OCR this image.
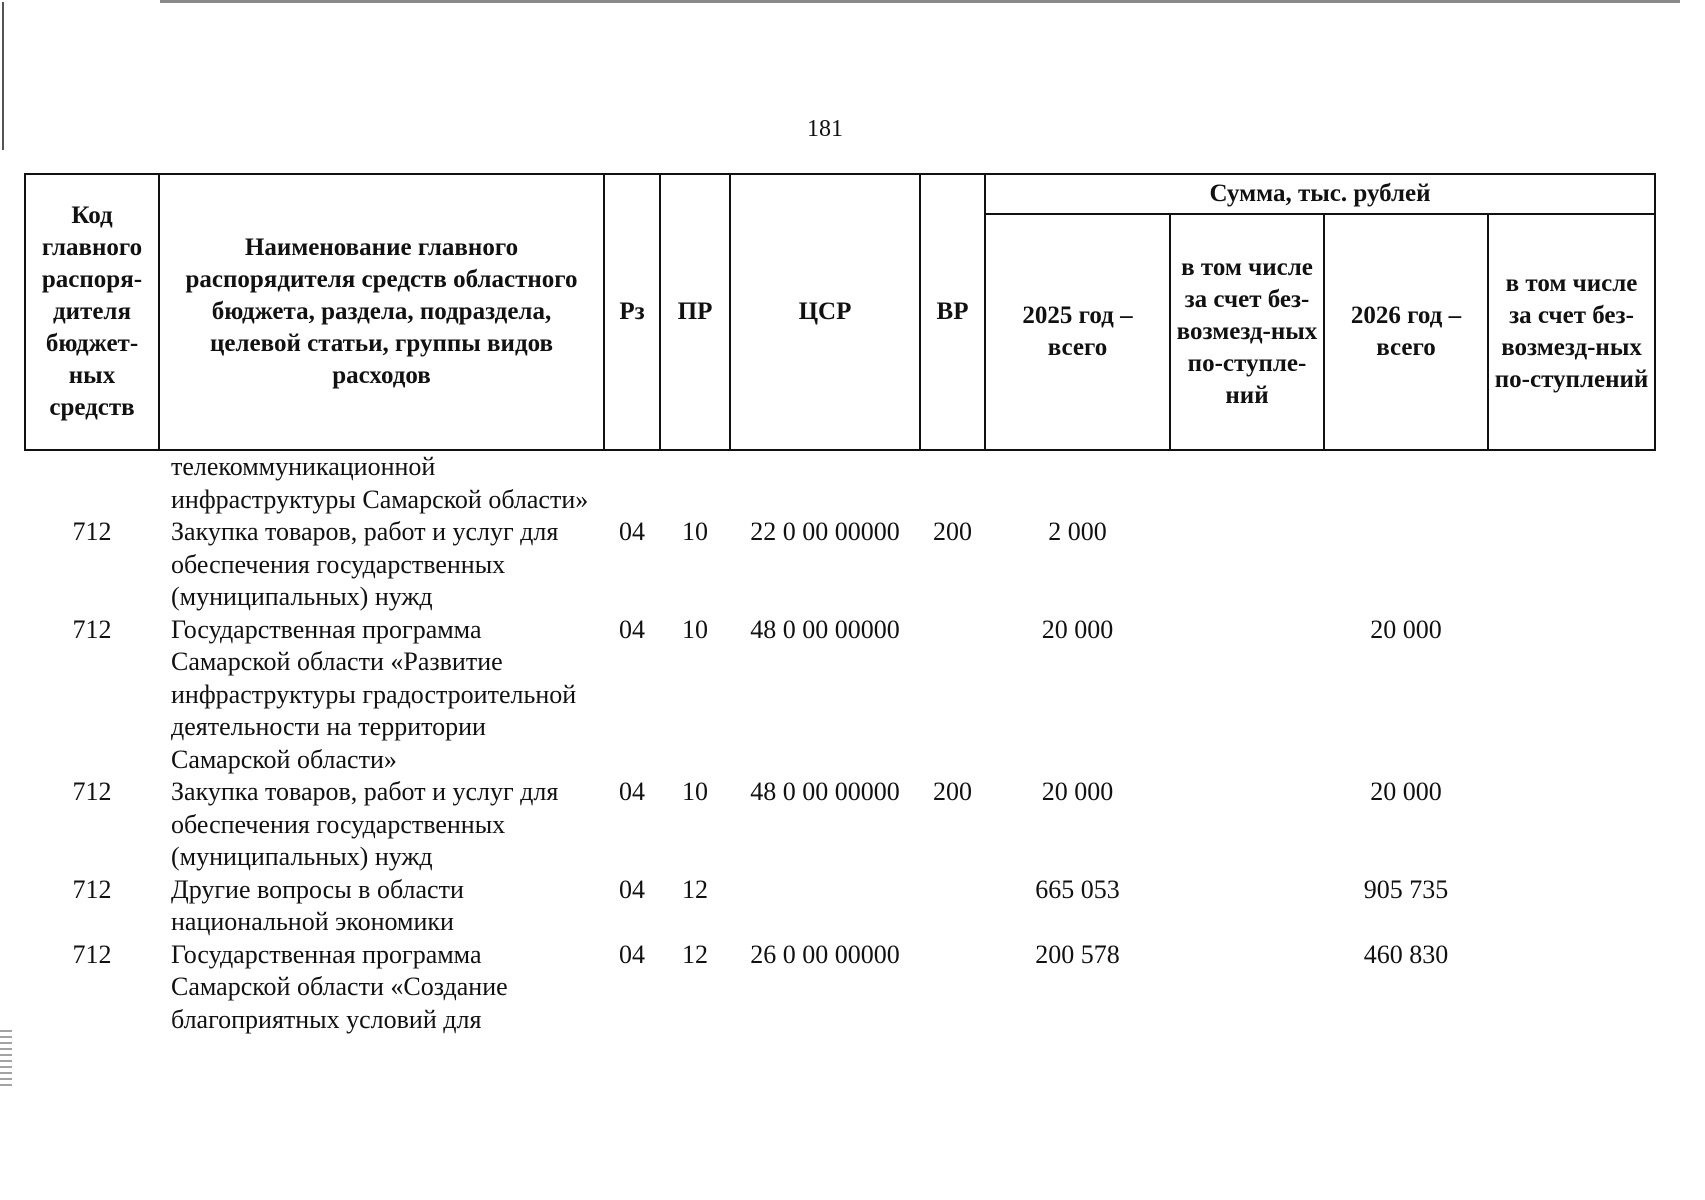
181
Код главного распоря-дителя бюджет-ных средств	Наименование главного распорядителя средств областного бюджета, раздела, подраздела, целевой статьи, группы видов расходов	Рз	ПР	ЦСР	ВР	Сумма, тыс. рублей			
						2025 год – всего	в том числе за счет без-возмезд-ных по-ступле-ний	2026 год – всего	в том числе за счет без-возмезд-ных по-ступлений
	телекоммуникационной инфраструктуры Самарской области»								
712	Закупка товаров, работ и услуг для обеспечения государственных (муниципальных) нужд	04	10	22 0 00 00000	200	2 000			
712	Государственная программа Самарской области «Развитие инфраструктуры градостроительной деятельности на территории Самарской области»	04	10	48 0 00 00000		20 000		20 000	
712	Закупка товаров, работ и услуг для обеспечения государственных (муниципальных) нужд	04	10	48 0 00 00000	200	20 000		20 000	
712	Другие вопросы в области национальной экономики	04	12			665 053		905 735	
712	Государственная программа Самарской области «Создание благоприятных условий для	04	12	26 0 00 00000		200 578		460 830	
